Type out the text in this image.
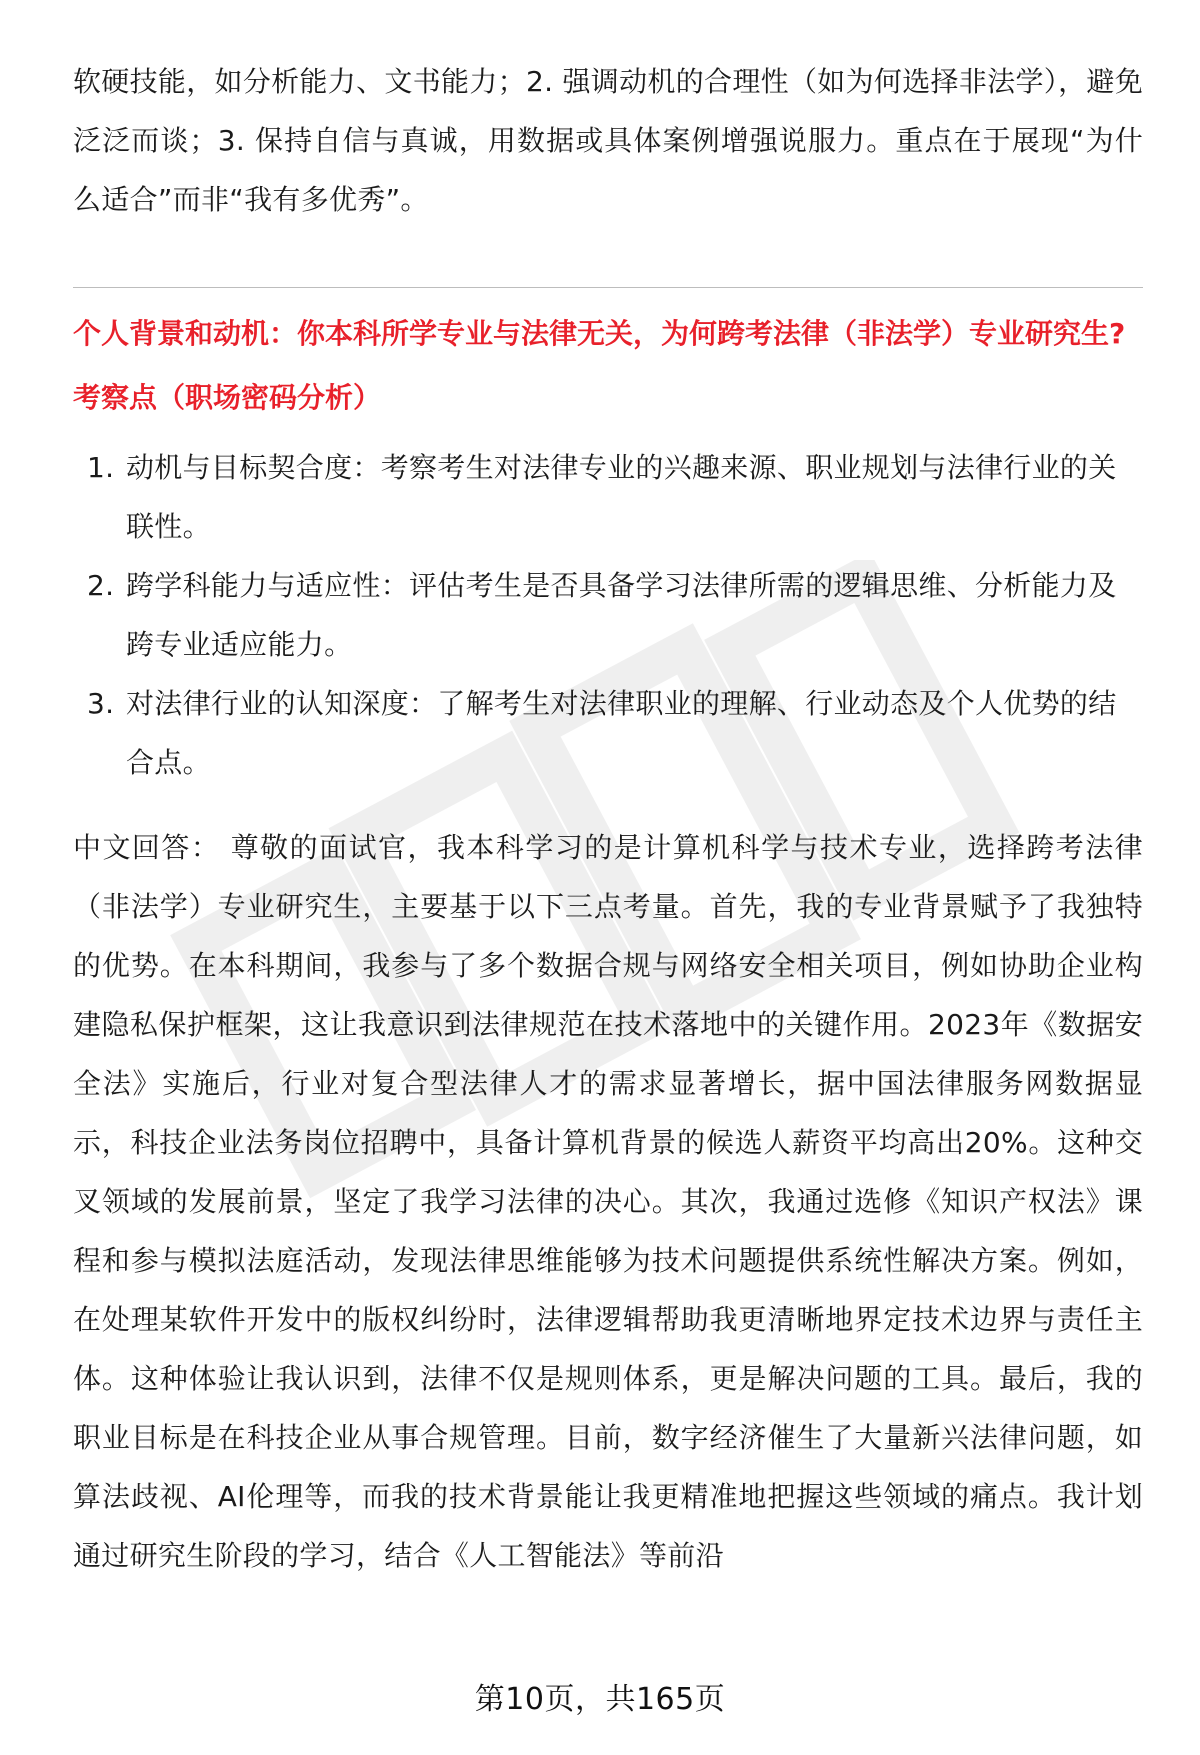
软硬技能，如分析能力、文书能力；2. 强调动机的合理性（如为何选择非法学），避免泛泛而谈；3. 保持自信与真诚，用数据或具体案例增强说服力。重点在于展现“为什么适合”而非“我有多优秀”。

个人背景和动机：你本科所学专业与法律无关，为何跨考法律（非法学）专业研究生?

考察点（职场密码分析）

1. 动机与目标契合度：考察考生对法律专业的兴趣来源、职业规划与法律行业的关联性。
2. 跨学科能力与适应性：评估考生是否具备学习法律所需的逻辑思维、分析能力及跨专业适应能力。
3. 对法律行业的认知深度：了解考生对法律职业的理解、行业动态及个人优势的结合点。

中文回答： 尊敬的面试官，我本科学习的是计算机科学与技术专业，选择跨考法律（非法学）专业研究生，主要基于以下三点考量。首先，我的专业背景赋予了我独特的优势。在本科期间，我参与了多个数据合规与网络安全相关项目，例如协助企业构建隐私保护框架，这让我意识到法律规范在技术落地中的关键作用。2023年《数据安全法》实施后，行业对复合型法律人才的需求显著增长，据中国法律服务网数据显示，科技企业法务岗位招聘中，具备计算机背景的候选人薪资平均高出20%。这种交叉领域的发展前景，坚定了我学习法律的决心。其次，我通过选修《知识产权法》课程和参与模拟法庭活动，发现法律思维能够为技术问题提供系统性解决方案。例如，在处理某软件开发中的版权纠纷时，法律逻辑帮助我更清晰地界定技术边界与责任主体。这种体验让我认识到，法律不仅是规则体系，更是解决问题的工具。最后，我的职业目标是在科技企业从事合规管理。目前，数字经济催生了大量新兴法律问题，如算法歧视、AI伦理等，而我的技术背景能让我更精准地把握这些领域的痛点。我计划通过研究生阶段的学习，结合《人工智能法》等前沿

第10页，共165页
